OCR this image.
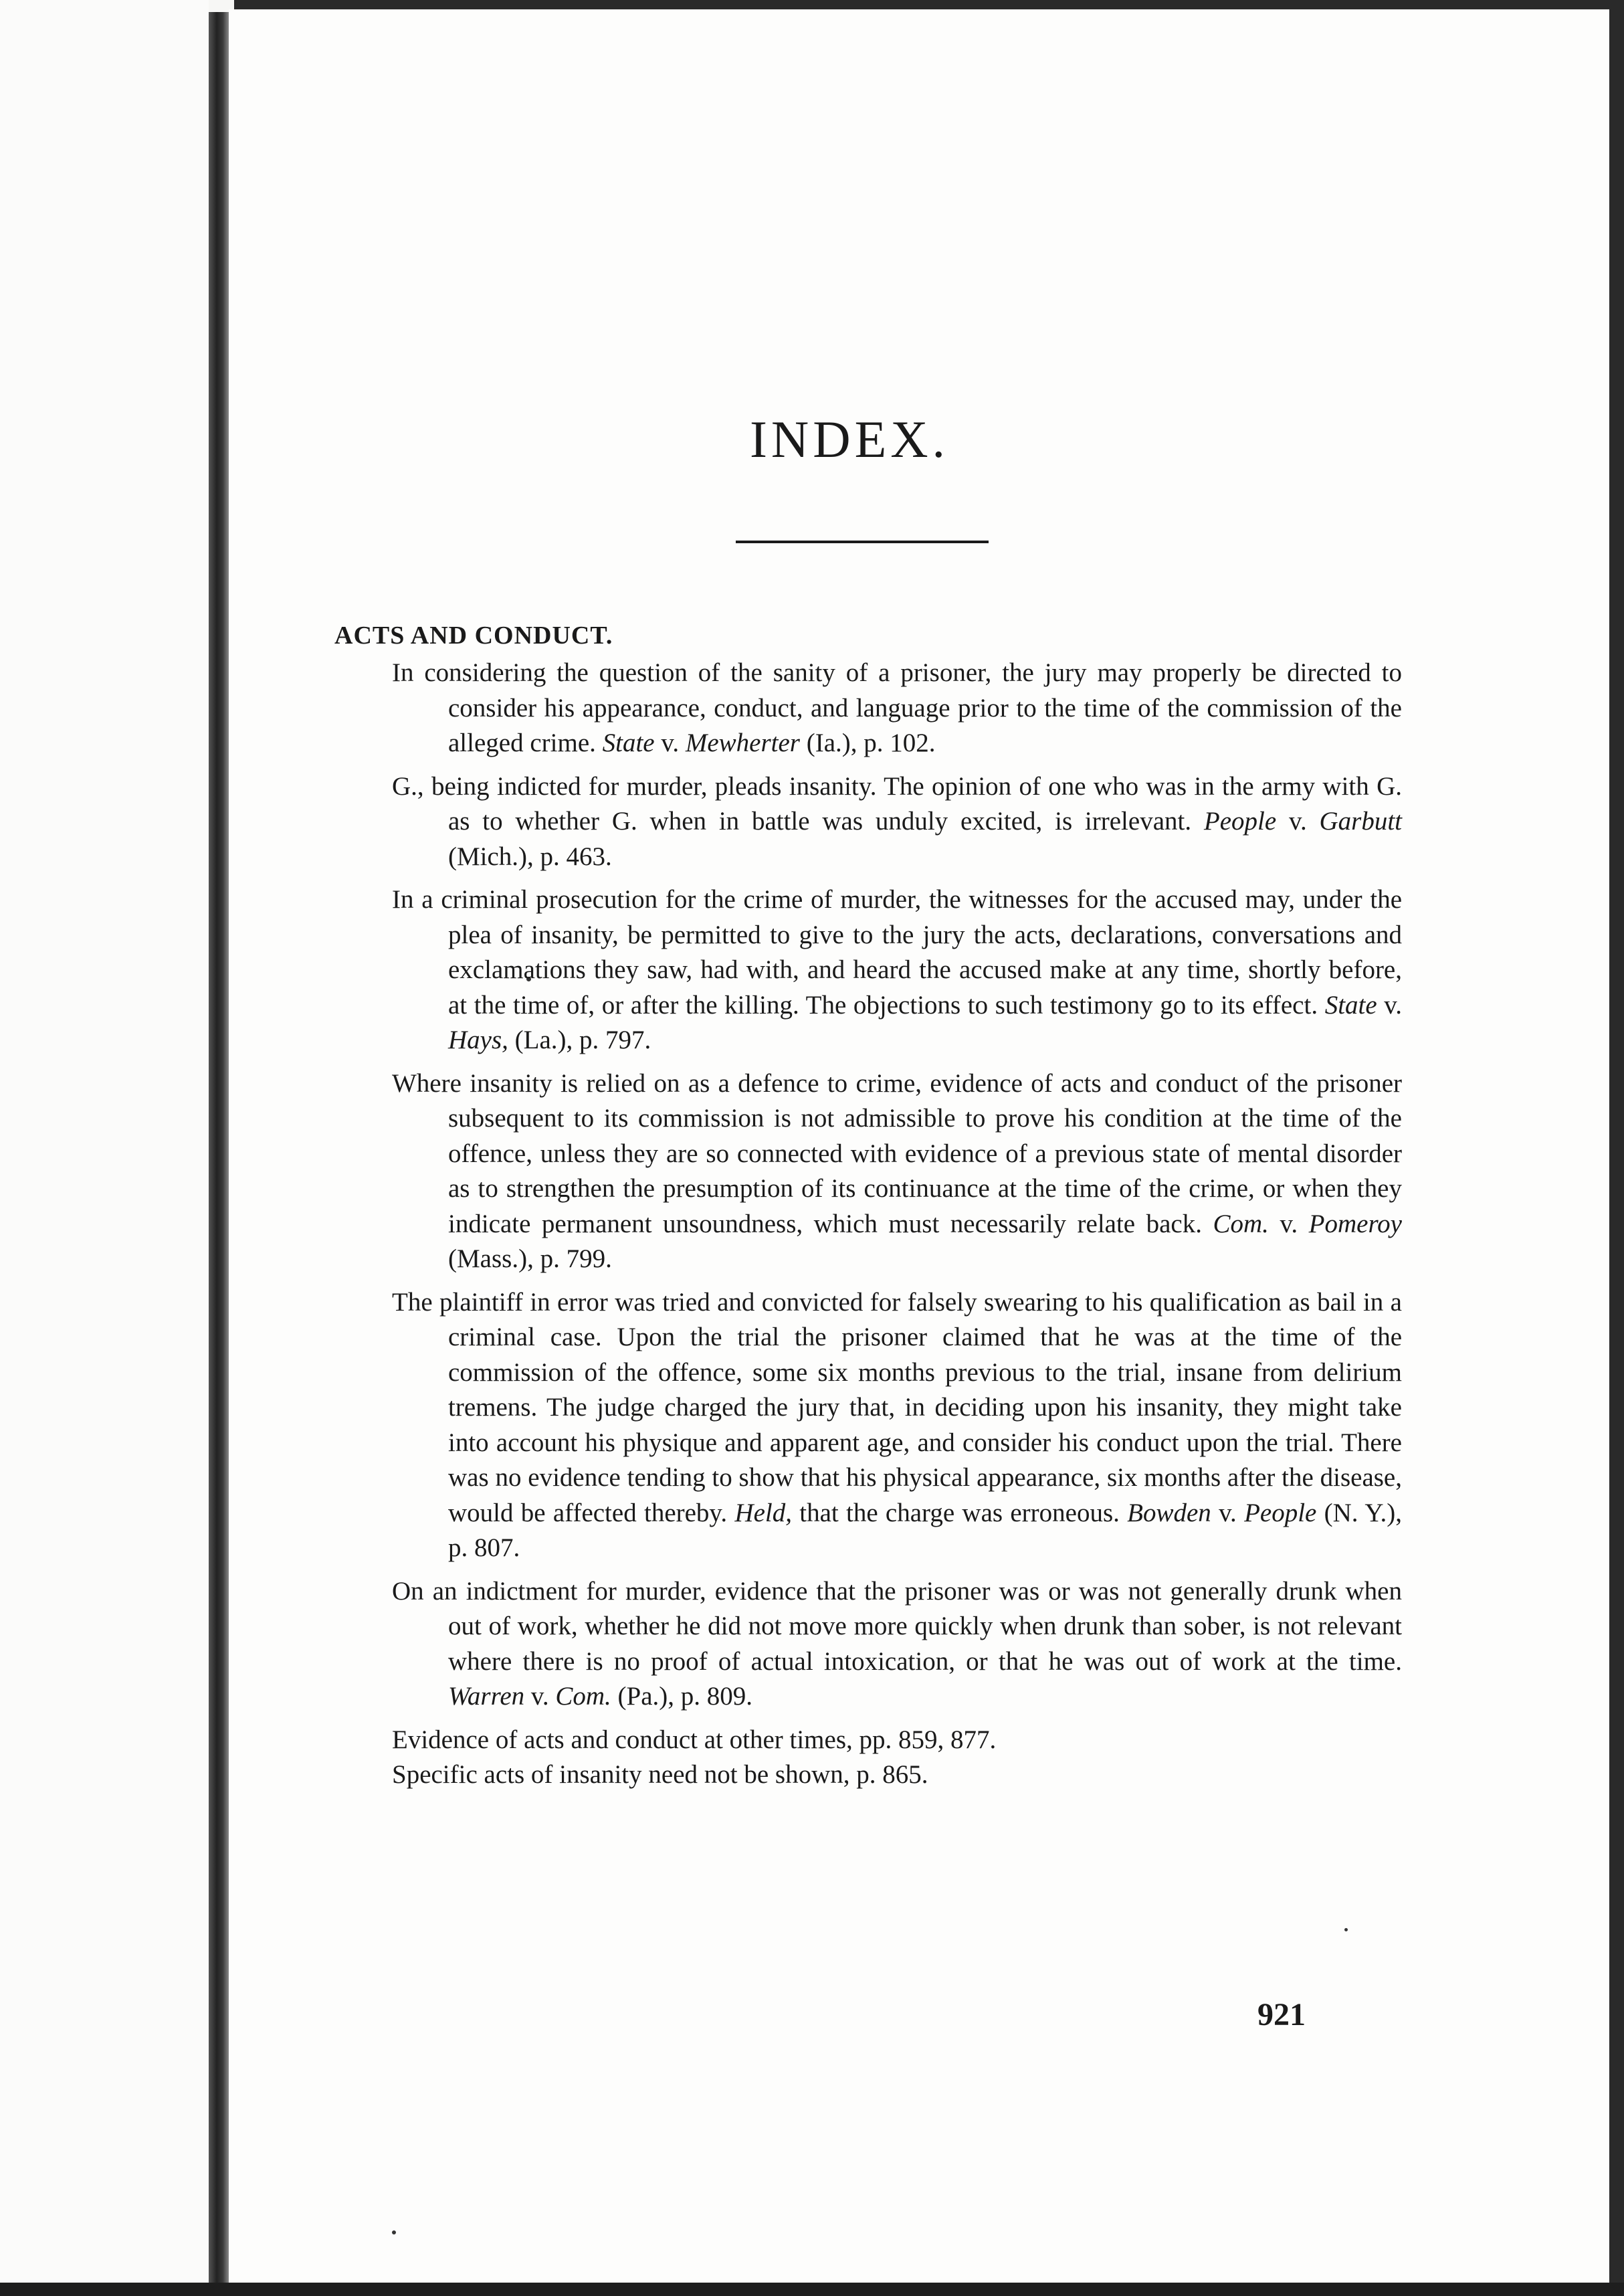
INDEX.
ACTS AND CONDUCT.

In considering the question of the sanity of a prisoner, the jury may properly be directed to consider his appearance, conduct, and language prior to the time of the commission of the alleged crime. State v. Mewherter (Ia.), p. 102.

G., being indicted for murder, pleads insanity. The opinion of one who was in the army with G. as to whether G. when in battle was unduly excited, is irrelevant. People v. Garbutt (Mich.), p. 463.

In a criminal prosecution for the crime of murder, the witnesses for the accused may, under the plea of insanity, be permitted to give to the jury the acts, declarations, conversations and exclamations they saw, had with, and heard the accused make at any time, shortly before, at the time of, or after the killing. The objections to such testimony go to its effect. State v. Hays, (La.), p. 797.

Where insanity is relied on as a defence to crime, evidence of acts and conduct of the prisoner subsequent to its commission is not admissible to prove his condition at the time of the offence, unless they are so connected with evidence of a previous state of mental disorder as to strengthen the presumption of its continuance at the time of the crime, or when they indicate permanent unsoundness, which must necessarily relate back. Com. v. Pomeroy (Mass.), p. 799.

The plaintiff in error was tried and convicted for falsely swearing to his qualification as bail in a criminal case. Upon the trial the prisoner claimed that he was at the time of the commission of the offence, some six months previous to the trial, insane from delirium tremens. The judge charged the jury that, in deciding upon his insanity, they might take into account his physique and apparent age, and consider his conduct upon the trial. There was no evidence tending to show that his physical appearance, six months after the disease, would be affected thereby. Held, that the charge was erroneous. Bowden v. People (N. Y.), p. 807.

On an indictment for murder, evidence that the prisoner was or was not generally drunk when out of work, whether he did not move more quickly when drunk than sober, is not relevant where there is no proof of actual intoxication, or that he was out of work at the time. Warren v. Com. (Pa.), p. 809.

Evidence of acts and conduct at other times, pp. 859, 877.

Specific acts of insanity need not be shown, p. 865.

921
